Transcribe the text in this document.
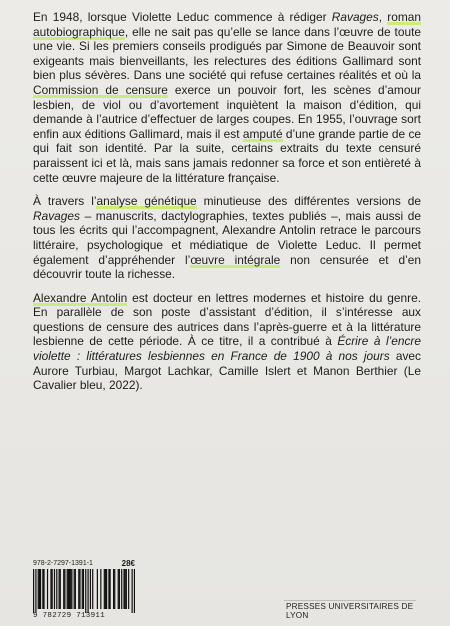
En 1948, lorsque Violette Leduc commence à rédiger Ravages, roman autobiographique, elle ne sait pas qu’elle se lance dans l’œuvre de toute une vie. Si les premiers conseils prodigués par Simone de Beauvoir sont exigeants mais bienveillants, les relectures des éditions Gallimard sont bien plus sévères. Dans une société qui refuse certaines réalités et où la Commission de censure exerce un pouvoir fort, les scènes d’amour lesbien, de viol ou d’avortement inquiètent la maison d’édition, qui demande à l’autrice d’effectuer de larges coupes. En 1955, l’ouvrage sort enfin aux éditions Gallimard, mais il est amputé d’une grande partie de ce qui fait son identité. Par la suite, certains extraits du texte censuré paraissent ici et là, mais sans jamais redonner sa force et son entièreté à cette œuvre majeure de la littérature française.

À travers l’analyse génétique minutieuse des différentes versions de Ravages – manuscrits, dactylographies, textes publiés –, mais aussi de tous les écrits qui l’accompagnent, Alexandre Antolin retrace le parcours littéraire, psychologique et médiatique de Violette Leduc. Il permet également d’appréhender l’œuvre intégrale non censurée et d’en découvrir toute la richesse.

Alexandre Antolin est docteur en lettres modernes et histoire du genre. En parallèle de son poste d’assistant d’édition, il s’intéresse aux questions de censure des autrices dans l’après-guerre et à la littérature lesbienne de cette période. À ce titre, il a contribué à Écrire à l’encre violette : littératures lesbiennes en France de 1900 à nos jours avec Aurore Turbiau, Margot Lachkar, Camille Islert et Manon Berthier (Le Cavalier bleu, 2022).

978-2-7297-1391-1	28€
9 782729 713911
PRESSES UNIVERSITAIRES DE LYON
